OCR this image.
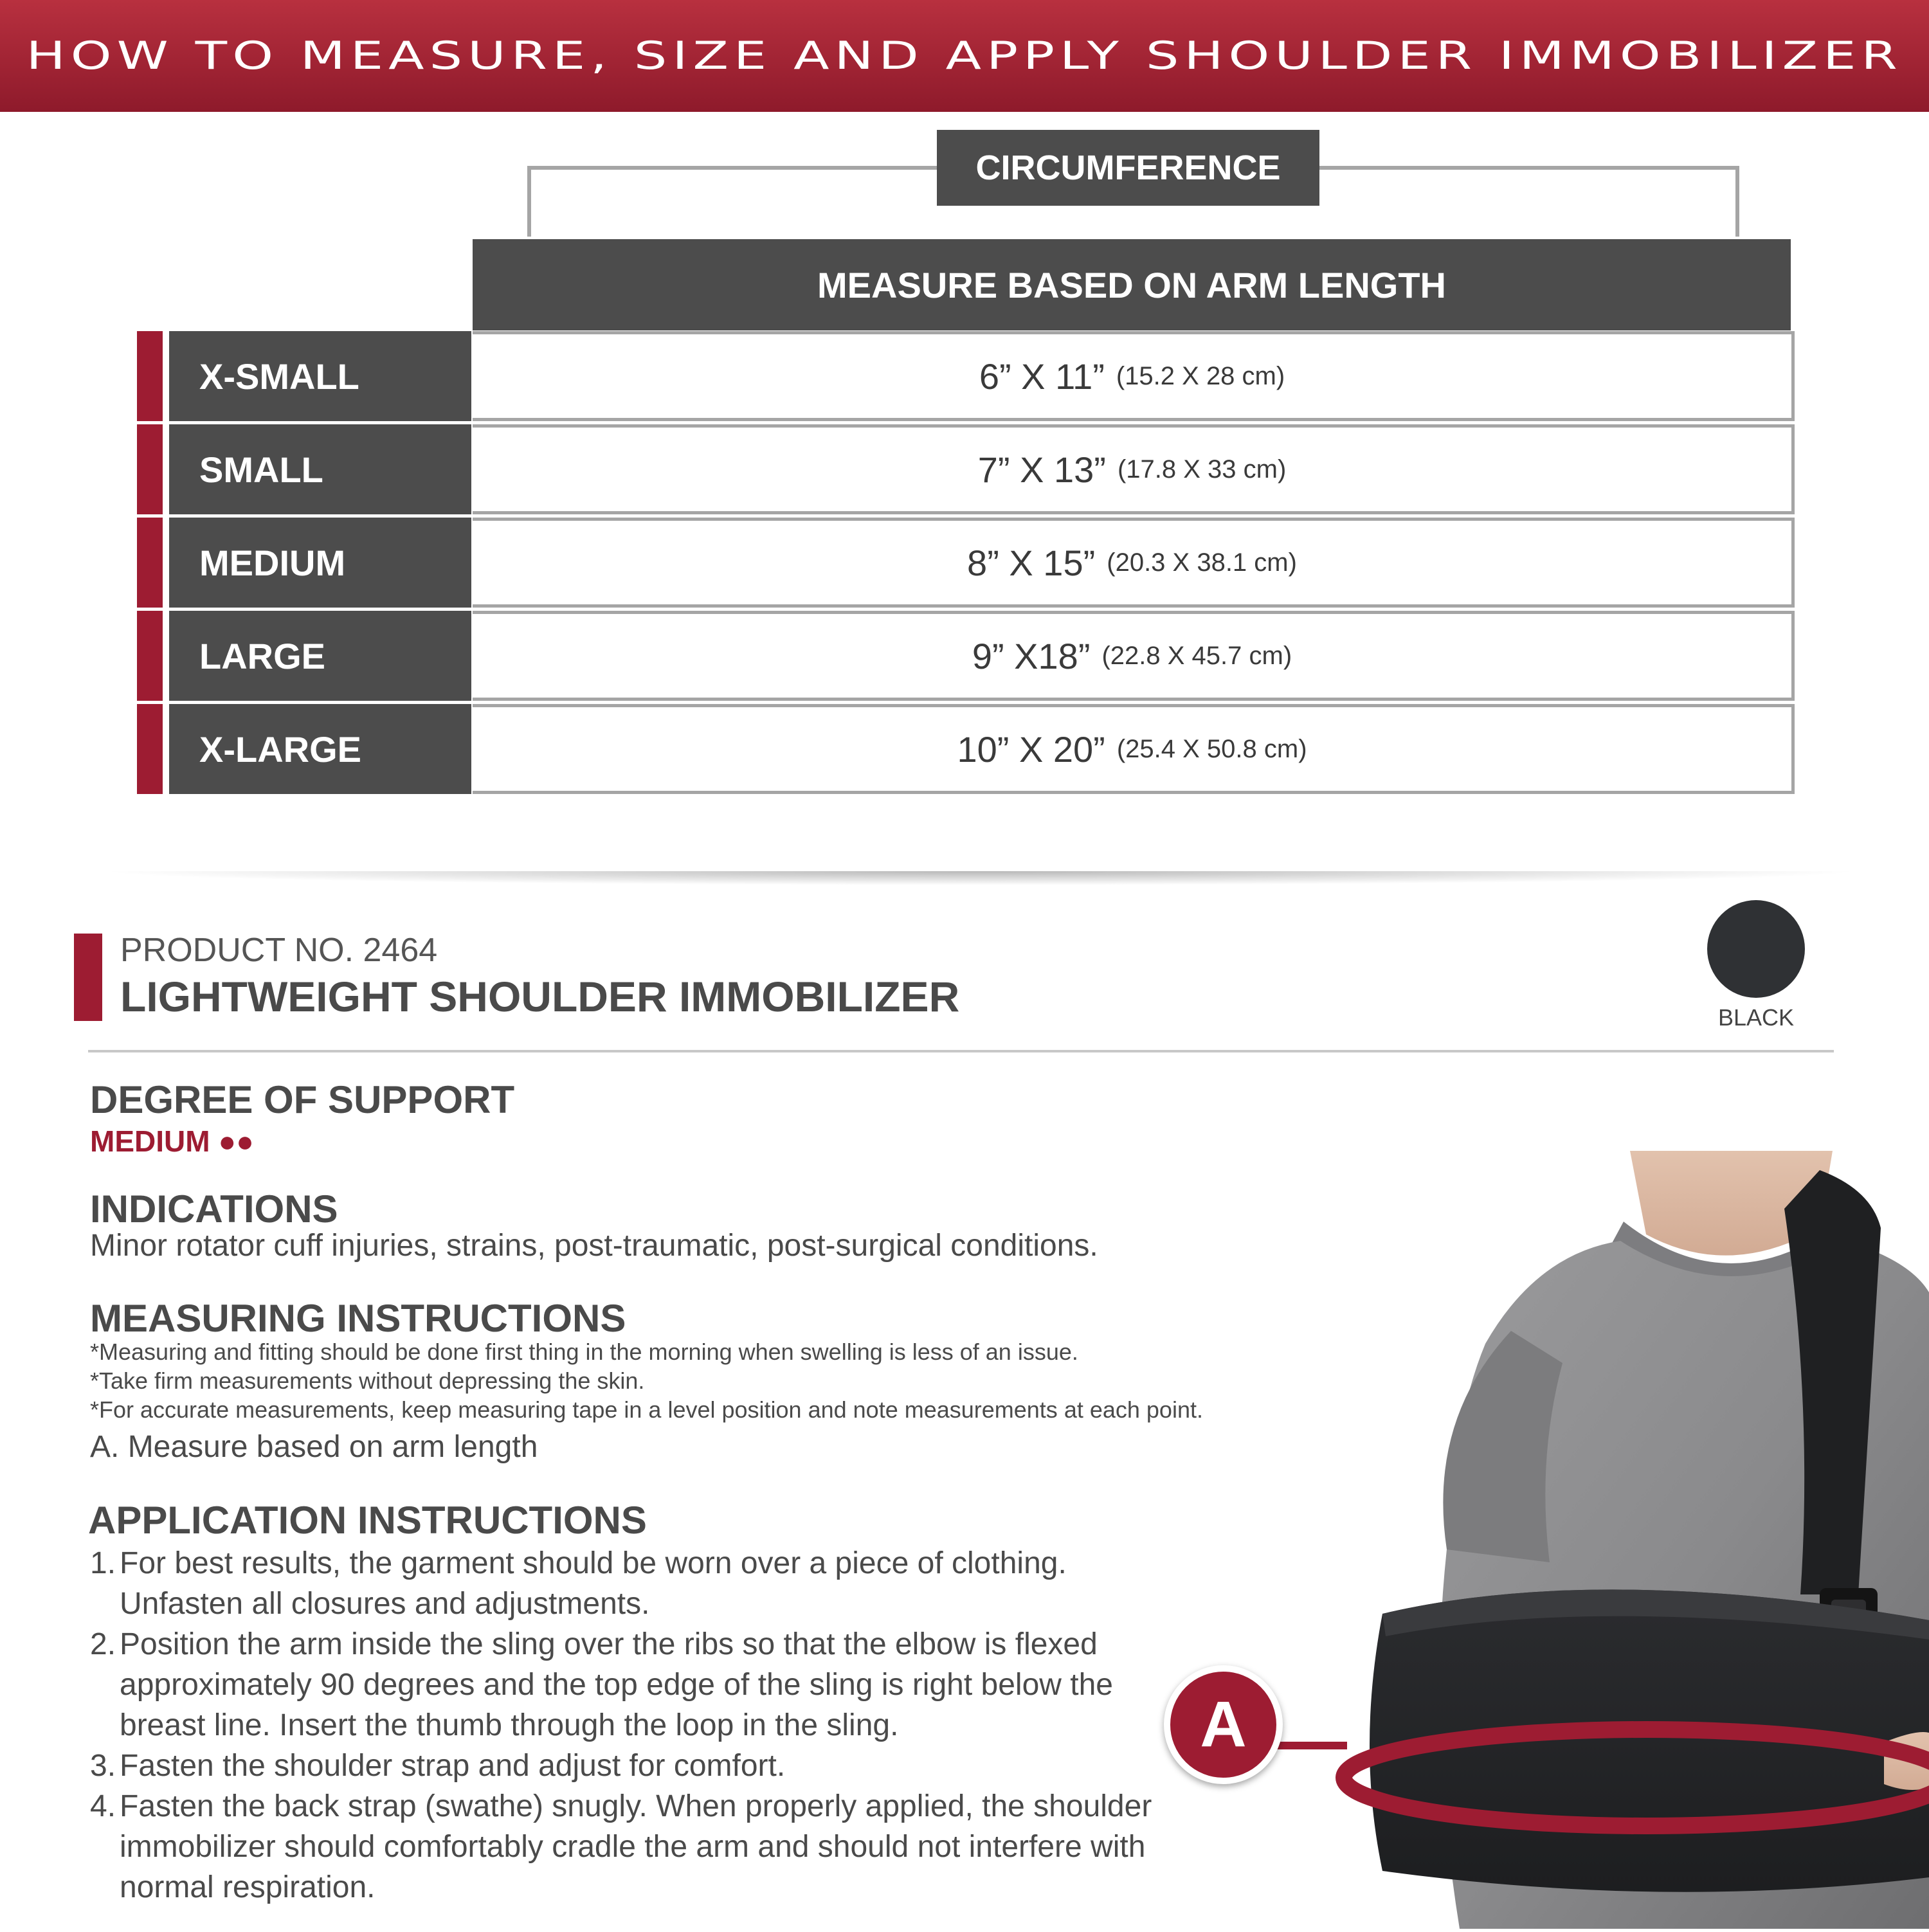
HOW TO MEASURE, SIZE AND APPLY SHOULDER IMMOBILIZER
CIRCUMFERENCE
MEASURE BASED ON ARM LENGTH
X-SMALL	6” X 11” (15.2 X 28 cm)
SMALL	7” X 13” (17.8 X 33 cm)
MEDIUM	8” X 15” (20.3 X 38.1 cm)
LARGE	9” X18” (22.8 X 45.7 cm)
X-LARGE	10” X 20” (25.4 X 50.8 cm)
PRODUCT NO. 2464
LIGHTWEIGHT SHOULDER IMMOBILIZER	BLACK
DEGREE OF SUPPORT
MEDIUM ●●
INDICATIONS
Minor rotator cuff injuries, strains, post-traumatic, post-surgical conditions.
MEASURING INSTRUCTIONS
*Measuring and fitting should be done first thing in the morning when swelling is less of an issue.
*Take firm measurements without depressing the skin.
*For accurate measurements, keep measuring tape in a level position and note measurements at each point.
A. Measure based on arm length
APPLICATION INSTRUCTIONS
1. For best results, the garment should be worn over a piece of clothing.
Unfasten all closures and adjustments.
2. Position the arm inside the sling over the ribs so that the elbow is flexed
approximately 90 degrees and the top edge of the sling is right below the
breast line. Insert the thumb through the loop in the sling.
3. Fasten the shoulder strap and adjust for comfort.
4. Fasten the back strap (swathe) snugly. When properly applied, the shoulder
immobilizer should comfortably cradle the arm and should not interfere with
normal respiration.
A
